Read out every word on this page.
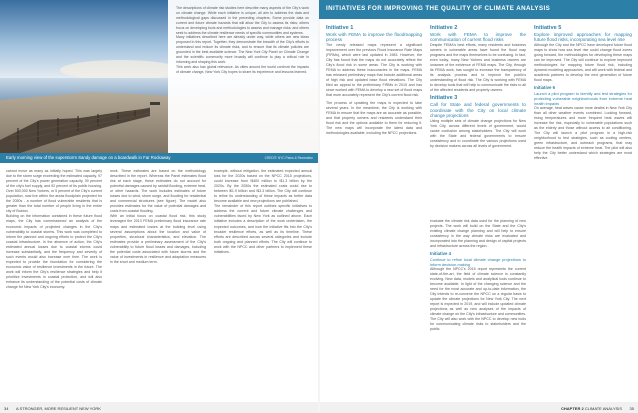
The descriptions of climate risk studies here describe many aspects of the City's work on climate change. While each initiative is unique, all aim to address the data and methodological gaps discussed in the preceding chapters. Some provide data on current and future climate hazards that will allow the City to assess its risks; others focus on developing tools and methodologies to assess and manage risks; and others seek to address the climate resilience needs of specific communities and systems.

Many initiatives described here are already under way, while others are new ideas proposed in this report. Together, they demonstrate the breadth of the City's efforts to understand and reduce its climate risks, and to ensure that its climate policies are grounded in the best available science. The New York City Panel on Climate Change and the scientific community more broadly will continue to play a critical role in informing and shaping this work.

This work also has global relevance. As cities around the world confront the impacts of climate change, New York City hopes to share its experience and lessons learned.

Early morning view of the superstorm Sandy damage on a boardwalk in Far Rockaway	CREDIT: NYC Parks & Recreation

cannot move as many as initially hoped. This was largely due to the storm surge exceeding the estimated capacity. 97 percent of the City's power generation capacity, 39 percent of the city's fuel supply, and 92 percent of its public housing. Over 500,000 New Yorkers, or 5 percent of the City's current population, now live within the areas floodplain projected for the 2050s - a number of flood vulnerable residents that is greater than the total number of people living in the entire city of Boston.

Building on the information contained in these future flood maps, the City has commissioned an analysis of the economic impacts of projected changes in the City's vulnerability to coastal storms. This work was completed to inform the planned and ongoing efforts to protect the City's coastal infrastructure. In the absence of action, the City's estimated annual losses due to coastal storms could increase substantially, and the frequency and severity of such events would also increase over time. The work is expected to provide the foundation for considering the economic value of resilience investments in the future. The work will inform the City's resilience strategies and help it prioritize investments in coastal protection, and will also enhance its understanding of the potential costs of climate change for New York City's economy.

work. These estimates are based on the methodology described in the report. Whereas the Panel estimates flood risk at each stage, these estimates do not account for potential damages caused by rainfall flooding, extreme heat, or other hazards. The work includes estimates of future losses due to wind, storm surge, and flooding for residential and commercial structures (see figure). The model also provides estimates for the value of potential damages and costs from coastal flooding.

With an initial focus on coastal flood risk, this study leveraged the 2013 FEMA preliminary flood insurance rate maps and estimated losses at the building level using several assumptions about the location and value of properties, structural characteristics, and elevation. The estimates provide a preliminary assessment of the City's vulnerability to future flood losses and damages, including the potential costs associated with future storms and the value of investments in resilience and adaptation measures in the short and medium term.

example, without mitigation, the estimated expected annual loss for the 2020s based on the NPCC 2015 projections, could increase from \$400 million to \$1.3 billion by the 2020s. By the 2050s the estimated costs could rise to between \$1.9 billion and \$3.3 billion. The City will continue to refine its understanding of these impacts as better data become available and new projections are published.

The remainder of this report outlines specific initiatives to address the current and future climate challenges and vulnerabilities faced by New York as outlined above. Each initiative includes a description of the work undertaken, the expected outcomes, and how the initiative fits into the City's broader resilience efforts, as well as its timeline. These efforts are described across several categories and include both ongoing and planned efforts. The City will continue to work with the NPCC and other partners to implement these initiatives.

INITIATIVES FOR IMPROVING THE QUALITY OF CLIMATE ANALYSIS

Initiative 1

Work with FEMA to improve the floodmapping process

The newly released maps represent a significant improvement over the previous Flood Insurance Rate Maps (FIRMs), which were last updated in 1983. However, the City has found that the maps do not accurately reflect the City's flood risk in some areas. The City is working with FEMA to address these inaccuracies in the maps. FEMA has released preliminary maps that include additional areas of high risk and updated base flood elevations. The City filed an appeal to the preliminary FIRMs in 2015 and has since worked with FEMA to develop a new set of flood maps that more accurately represent the City's current flood risk.

The process of updating the maps is expected to take several years. In the meantime, the City is working with FEMA to ensure that the maps are as accurate as possible, and that property owners and residents understand their flood risk and the options available to them for reducing it. The new maps will incorporate the latest data and methodologies available, including the NPCC projections.

Initiative 2

Work with FEMA to improve the communication of current flood risks

Despite FEMA's best efforts, many residents and business owners in vulnerable areas have found the flood map programs and the maps themselves to be confusing. In fact, even today, many New Yorkers and business owners are unaware of the existence of FEMA maps. The City, through its FEMA work, has sought to increase the transparency of its analysis process and to improve the public's understanding of flood risk. The City is working with FEMA to develop tools that will help to communicate the risks to all of the affected residents and property owners.

Initiative 3

Call for State and federal governments to coordinate with the City on local climate change projections

Using multiple sets of climate change projections for New York City, across different levels of government, would cause confusion among stakeholders. The City will work with the State and federal governments to ensure consistency and to coordinate the various projections used by decision makers across all levels of government.

evaluate the climate risk data used for the planning of new projects. The work will build on the State and the City's existing climate change planning and will help to ensure consistency in the way climate risks are evaluated and incorporated into the planning and design of capital projects and infrastructure across the region.

Initiative 4

Continue to refine local climate change projections to inform decision-making

Although the NPCC's 2015 report represents the current state-of-the-art, the field of climate science is constantly evolving. New data, models and analytical tools continue to become available. In light of the changing science and the need for the most accurate and up-to-date information, the City intends to re-convene the NPCC on a regular basis to update the climate projections for New York City. The next report is expected in 2019, and will include updated climate projections as well as new analyses of the impacts of climate change on the City's infrastructure and communities. The City will also work with the NPCC to develop new tools for communicating climate risks to stakeholders and the public.

Initiative 5

Explore improved approaches for mapping future flood risks, incorporating sea level rise

Although the City and the NPCC have developed future flood maps to show how sea level rise could change flood zones going forward, the methodologies for developing these maps can be improved. The City will continue to explore improved methodologies for mapping future flood risk, including dynamic modeling approaches, and will work with federal and academic partners to develop the next generation of future flood maps.

Initiative 6

Launch a pilot program to identify and test strategies for protecting vulnerable neighborhoods from extreme heat health impacts

On average, heat waves cause more deaths in New York City than all other weather events combined. Looking forward, rising temperatures and more frequent heat waves will increase the risk, especially to vulnerable populations such as the elderly and those without access to air conditioning. The City will launch a pilot program in a high-risk neighborhood to test strategies, such as cooling centers, green infrastructure, and outreach programs, that may reduce the health impacts of extreme heat. The pilot will also help the City better understand which strategies are most effective.

34 A STRONGER, MORE RESILIENT NEW YORK	CHAPTER 2 CLIMATE ANALYSIS 35
